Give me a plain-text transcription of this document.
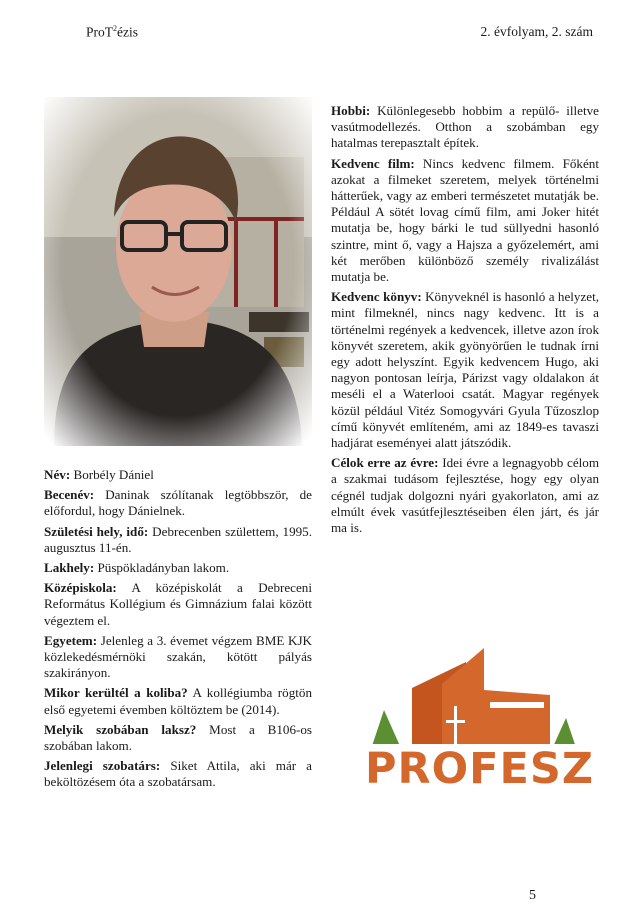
ProT$^2$ézis	2. évfolyam, 2. szám

Név: Borbély Dániel

Becenév: Daninak szólítanak legtöbbször, de előfordul, hogy Dánielnek.

Születési hely, idő: Debrecenben születtem, 1995. augusztus 11-én.

Lakhely: Püspökladányban lakom.

Középiskola: A középiskolát a Debreceni Református Kollégium és Gimnázium falai között végeztem el.

Egyetem: Jelenleg a 3. évemet végzem BME KJK közlekedésmérnöki szakán, kötött pályás szakirányon.

Mikor kerültél a koliba? A kollégiumba rögtön első egyetemi évemben költöztem be (2014).

Melyik szobában laksz? Most a B106-os szobában lakom.

Jelenlegi szobatárs: Siket Attila, aki már a beköltözésem óta a szobatársam.

Hobbi: Különlegesebb hobbim a repülő- illetve vasútmodellezés. Otthon a szobámban egy hatalmas terepasztalt építek.

Kedvenc film: Nincs kedvenc filmem. Főként azokat a filmeket szeretem, melyek történelmi hátterűek, vagy az emberi természetet mutatják be. Például A sötét lovag című film, ami Joker hitét mutatja be, hogy bárki le tud süllyedni hasonló szintre, mint ő, vagy a Hajsza a győzelemért, ami két merőben különböző személy rivalizálást mutatja be.

Kedvenc könyv: Könyveknél is hasonló a helyzet, mint filmeknél, nincs nagy kedvenc. Itt is a történelmi regények a kedvencek, illetve azon írok könyvét szeretem, akik gyönyörűen le tudnak írni egy adott helyszínt. Egyik kedvencem Hugo, aki nagyon pontosan leírja, Párizst vagy oldalakon át meséli el a Waterlooi csatát. Magyar regények közül például Vitéz Somogyvári Gyula Tűzoszlop című könyvét említeném, ami az 1849-es tavaszi hadjárat eseményei alatt játszódik.

Célok erre az évre: Idei évre a legnagyobb célom a szakmai tudásom fejlesztése, hogy egy olyan cégnél tudjak dolgozni nyári gyakorlaton, ami az elmúlt évek vasútfejlesztéseiben élen járt, és jár ma is.

PROFESZ
5
